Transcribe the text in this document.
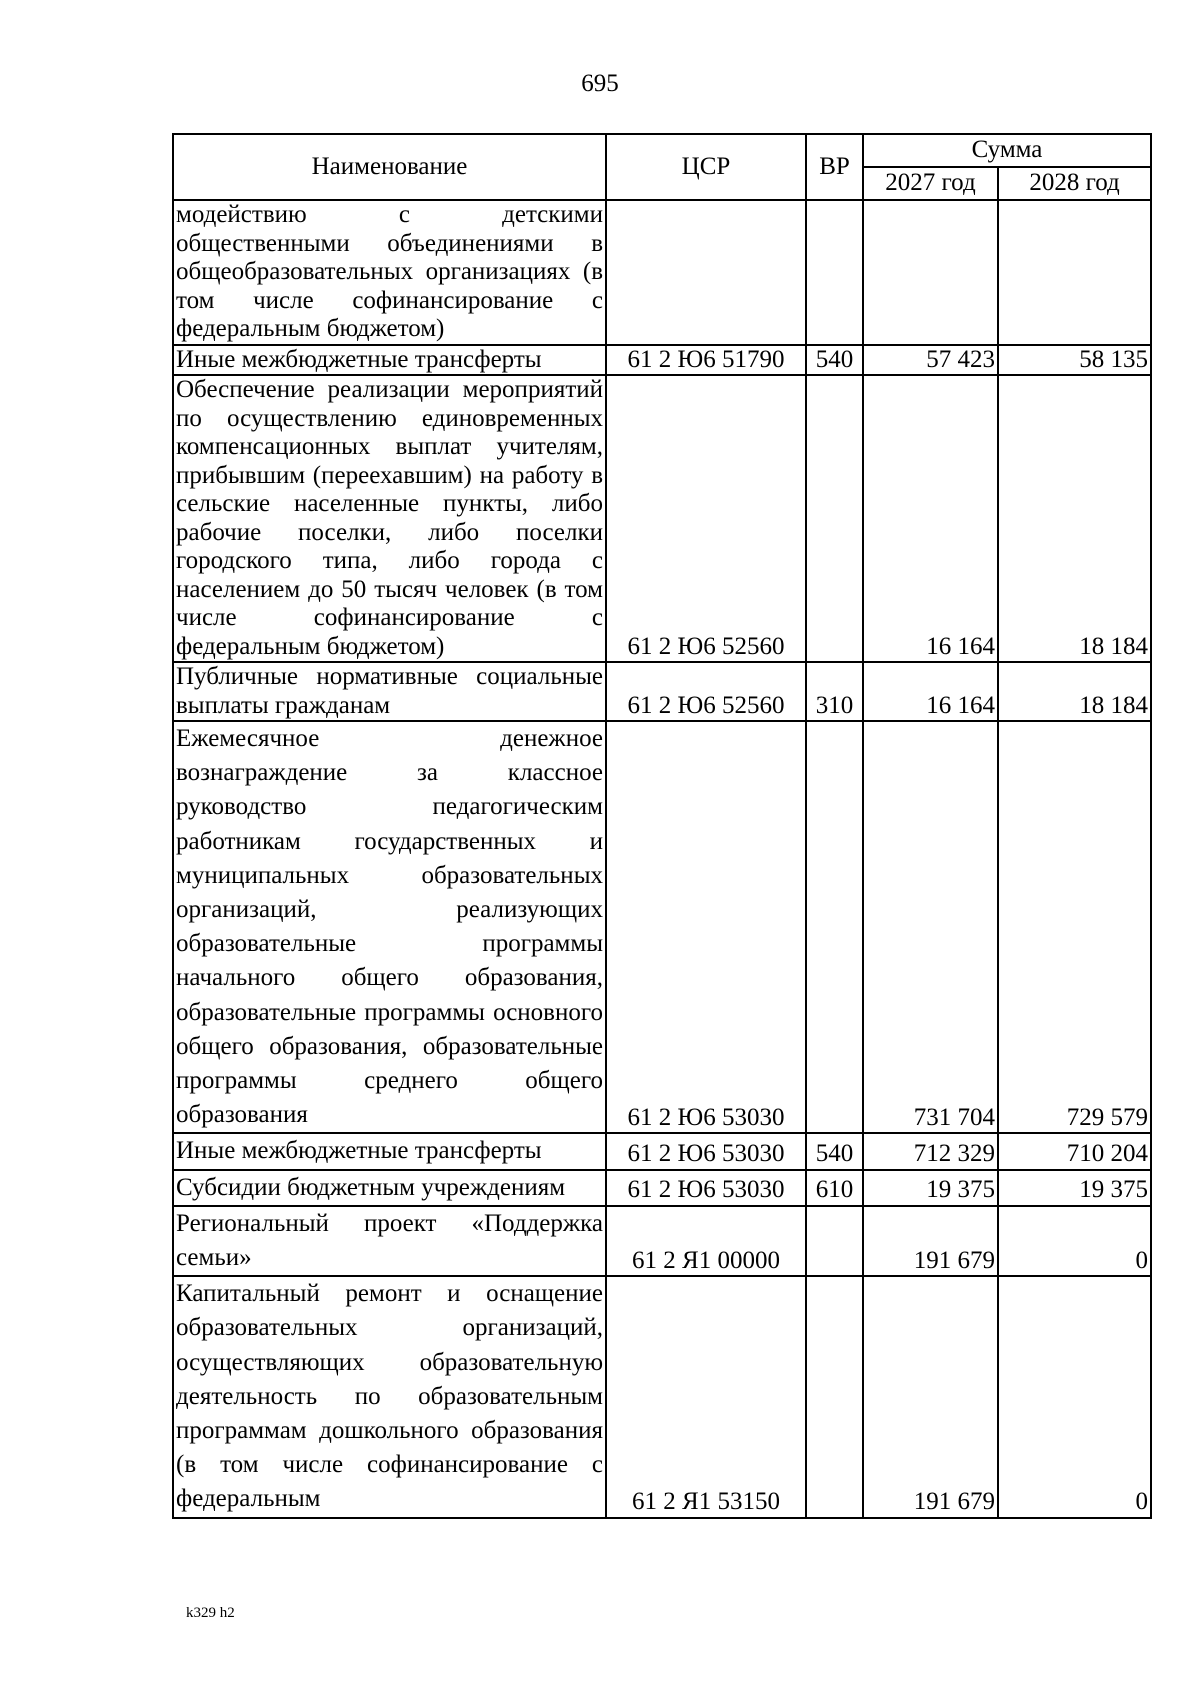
695
Наименование	ЦСР	ВР	Сумма	
			2027 год	2028 год
модействию с детскими общественными объединениями в общеобразовательных организациях (в том числе софинансирование с федеральным бюджетом)				
Иные межбюджетные трансферты	61 2 Ю6 51790	540	57 423	58 135
Обеспечение реализации мероприятий по осуществлению единовременных компенсационных выплат учителям, прибывшим (переехавшим) на работу в сельские населенные пункты, либо рабочие поселки, либо поселки городского типа, либо города с населением до 50 тысяч человек (в том числе софинансирование с федеральным бюджетом)	61 2 Ю6 52560		16 164	18 184
Публичные нормативные социальные выплаты гражданам	61 2 Ю6 52560	310	16 164	18 184
Ежемесячное денежное вознаграждение за классное руководство педагогическим работникам государственных и муниципальных образовательных организаций, реализующих образовательные программы начального общего образования, образовательные программы основного общего образования, образовательные программы среднего общего образования	61 2 Ю6 53030		731 704	729 579
Иные межбюджетные трансферты	61 2 Ю6 53030	540	712 329	710 204
Субсидии бюджетным учреждениям	61 2 Ю6 53030	610	19 375	19 375
Региональный проект «Поддержка семьи»	61 2 Я1 00000		191 679	0
Капитальный ремонт и оснащение образовательных организаций, осуществляющих образовательную деятельность по образовательным программам дошкольного образования (в том числе софинансирование с федеральным	61 2 Я1 53150		191 679	0
k329 h2
